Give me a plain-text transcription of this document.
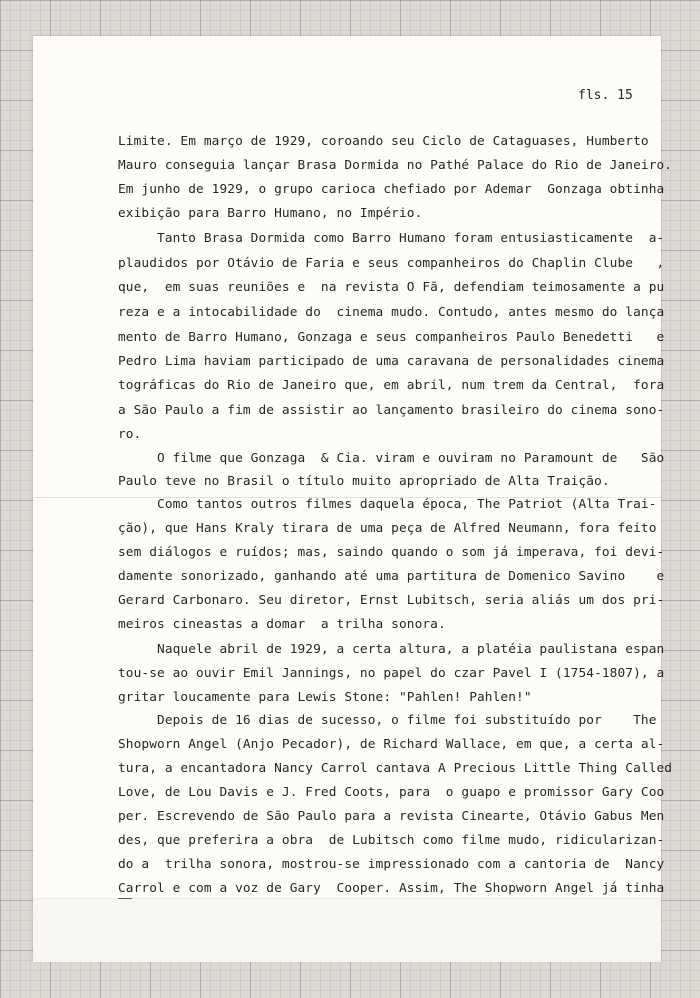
fls. 15
Limite. Em março de 1929, coroando seu Ciclo de Cataguases, Humberto
Mauro conseguia lançar Brasa Dormida no Pathé Palace do Rio de Janeiro.
Em junho de 1929, o grupo carioca chefiado por Ademar  Gonzaga obtinha
exibição para Barro Humano, no Império.
Tanto Brasa Dormida como Barro Humano foram entusiasticamente  a-
plaudidos por Otávio de Faria e seus companheiros do Chaplin Clube   ,
que,  em suas reuniões e  na revista O Fã, defendiam teimosamente a pu
reza e a intocabilidade do  cinema mudo. Contudo, antes mesmo do lança
mento de Barro Humano, Gonzaga e seus companheiros Paulo Benedetti   e
Pedro Lima haviam participado de uma caravana de personalidades cinema
tográficas do Rio de Janeiro que, em abril, num trem da Central,  fora
a São Paulo a fim de assistir ao lançamento brasileiro do cinema sono-
ro.
O filme que Gonzaga  & Cia. viram e ouviram no Paramount de   São
Paulo teve no Brasil o título muito apropriado de Alta Traição.
Como tantos outros filmes daquela época, The Patriot (Alta Trai-
ção), que Hans Kraly tirara de uma peça de Alfred Neumann, fora feito
sem diálogos e ruídos; mas, saindo quando o som já imperava, foi devi-
damente sonorizado, ganhando até uma partitura de Domenico Savino    e
Gerard Carbonaro. Seu diretor, Ernst Lubitsch, seria aliás um dos pri-
meiros cineastas a domar  a trilha sonora.
Naquele abril de 1929, a certa altura, a platéia paulistana espan
tou-se ao ouvir Emil Jannings, no papel do czar Pavel I (1754-1807), a
gritar loucamente para Lewis Stone: "Pahlen! Pahlen!"
Depois de 16 dias de sucesso, o filme foi substituído por    The
Shopworn Angel (Anjo Pecador), de Richard Wallace, em que, a certa al-
tura, a encantadora Nancy Carrol cantava A Precious Little Thing Called
Love, de Lou Davis e J. Fred Coots, para  o guapo e promissor Gary Coo
per. Escrevendo de São Paulo para a revista Cinearte, Otávio Gabus Men
des, que preferira a obra  de Lubitsch como filme mudo, ridicularizan-
do a  trilha sonora, mostrou-se impressionado com a cantoria de  Nancy
Carrol e com a voz de Gary  Cooper. Assim, The Shopworn Angel já tinha
